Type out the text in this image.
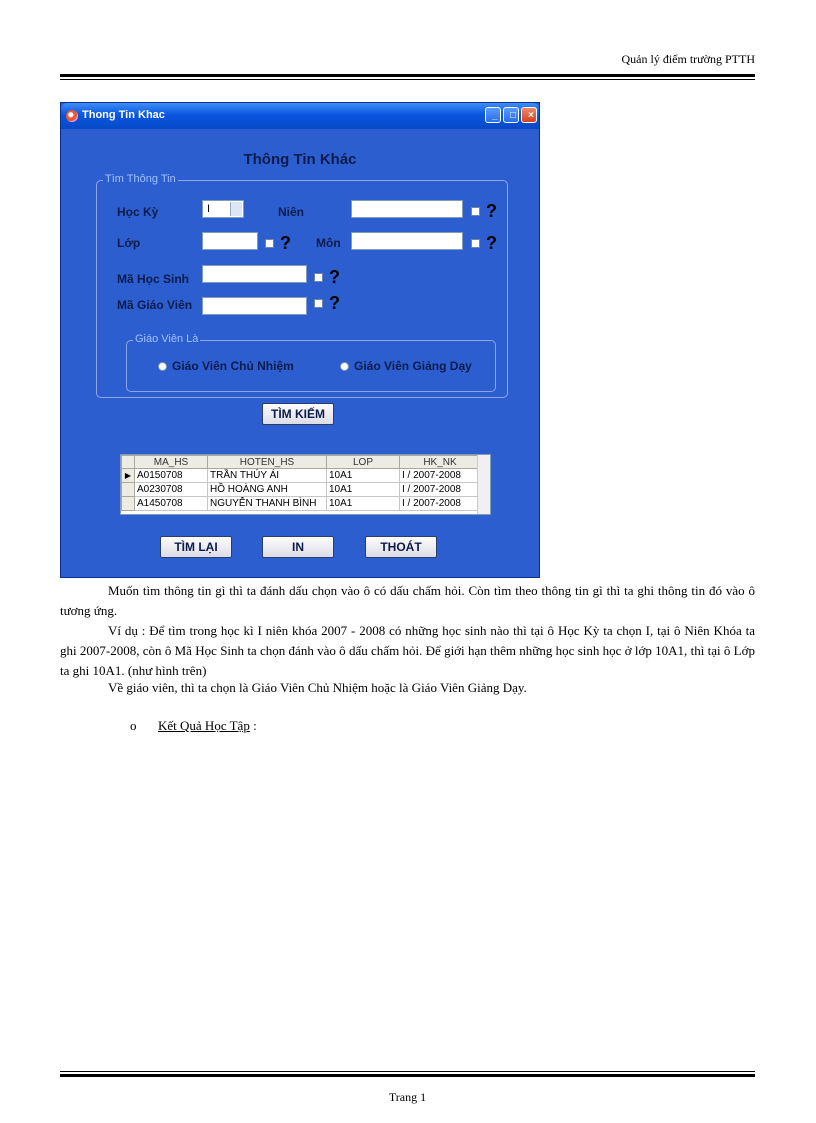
Quản lý điểm trường PTTH
Thong Tin Khac	_	□	×
Thông Tin Khác
Tìm Thông Tin
Học Kỳ	I	Niên	?
Lớp	? Môn	?
Mã Học Sinh	?
Mã Giáo Viên	?
Giáo Viên Là
Giáo Viên Chủ Nhiệm	Giáo Viên Giảng Dạy
TÌM KIẾM
	MA_HS	HOTEN_HS	LOP	HK_NK
▶	A0150708	TRẦN THÚY ÁI	10A1	I / 2007-2008
	A0230708	HỒ HOÀNG ANH	10A1	I / 2007-2008
	A1450708	NGUYỄN THANH BÌNH	10A1	I / 2007-2008
TÌM LẠI	IN	THOÁT
Muốn tìm thông tin gì thì ta đánh dấu chọn vào ô có dấu chấm hỏi. Còn tìm theo thông tin gì thì ta ghi thông tin đó vào ô tương ứng.
Ví dụ : Để tìm trong học kì I niên khóa 2007 - 2008 có những học sinh nào thì tại ô Học Kỳ ta chọn I, tại ô Niên Khóa ta ghi 2007-2008, còn ô Mã Học Sinh ta chọn đánh vào ô dấu chấm hỏi. Để giới hạn thêm những học sinh học ở lớp 10A1, thì tại ô Lớp ta ghi 10A1. (như hình trên)
Về giáo viên, thì ta chọn là Giáo Viên Chủ Nhiệm hoặc là Giáo Viên Giảng Dạy.
o Kết Quả Học Tập :
Trang 1
